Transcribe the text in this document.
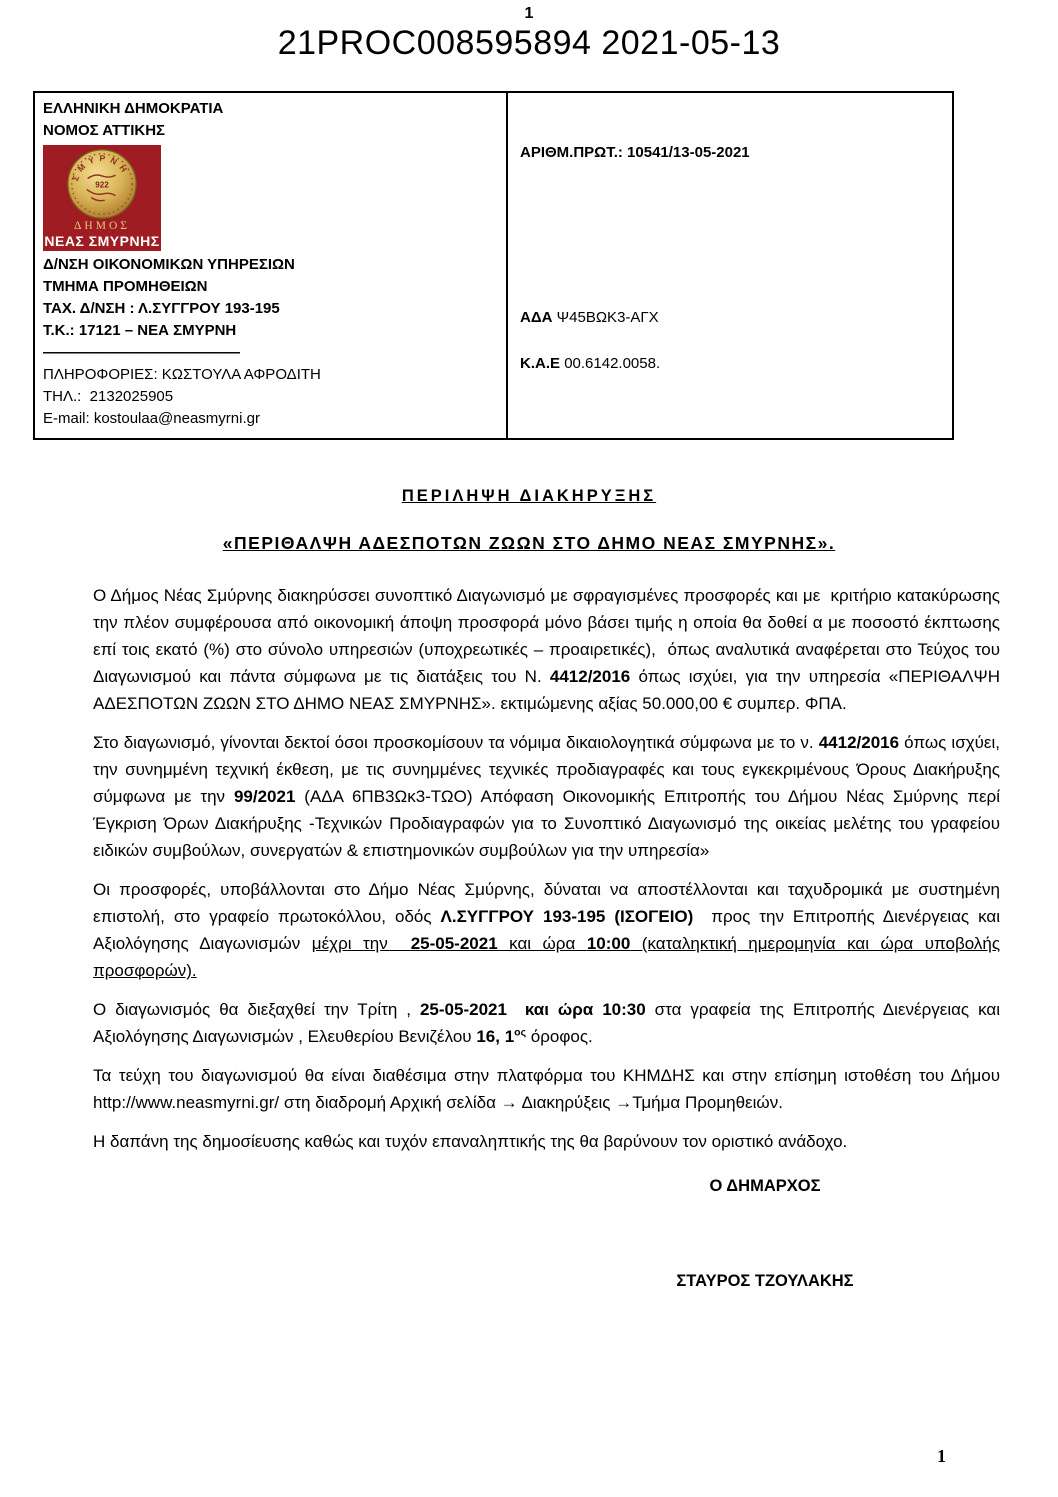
1
21PROC008595894 2021-05-13
ΕΛΛΗΝΙΚΗ ΔΗΜΟΚΡΑΤΙΑ
ΝΟΜΟΣ ΑΤΤΙΚΗΣ
ΣΜΥΡΝΗ
922
ΔΗΜΟΣ
ΝΕΑΣ ΣΜΥΡΝΗΣ
Δ/ΝΣΗ ΟΙΚΟΝΟΜΙΚΩΝ ΥΠΗΡΕΣΙΩΝ
ΤΜΗΜΑ ΠΡΟΜΗΘΕΙΩΝ
ΤΑΧ. Δ/ΝΣΗ : Λ.ΣΥΓΓΡΟΥ 193-195
Τ.Κ.: 17121 – ΝΕΑ ΣΜΥΡΝΗ
——————————————
ΠΛΗΡΟΦΟΡΙΕΣ: ΚΩΣΤΟΥΛΑ ΑΦΡΟΔΙΤΗ
ΤΗΛ.:  2132025905
E-mail: kostoulaa@neasmyrni.gr

ΑΡΙΘΜ.ΠΡΩΤ.: 10541/13-05-2021
ΑΔΑ Ψ45ΒΩΚ3-ΑΓΧ
Κ.Α.Ε 00.6142.0058.
ΠΕΡΙΛΗΨΗ ΔΙΑΚΗΡΥΞΗΣ
«ΠΕΡΙΘΑΛΨΗ ΑΔΕΣΠΟΤΩΝ ΖΩΩΝ ΣΤΟ ΔΗΜΟ ΝΕΑΣ ΣΜΥΡΝΗΣ».

Ο Δήμος Νέας Σμύρνης διακηρύσσει συνοπτικό Διαγωνισμό με σφραγισμένες προσφορές και με  κριτήριο κατακύρωσης την πλέον συμφέρουσα από οικονομική άποψη προσφορά μόνο βάσει τιμής η οποία θα δοθεί α με ποσοστό έκπτωσης επί τοις εκατό (%) στο σύνολο υπηρεσιών (υποχρεωτικές – προαιρετικές),  όπως αναλυτικά αναφέρεται στο Τεύχος του Διαγωνισμού και πάντα σύμφωνα με τις διατάξεις του Ν. 4412/2016 όπως ισχύει, για την υπηρεσία «ΠΕΡΙΘΑΛΨΗ ΑΔΕΣΠΟΤΩΝ ΖΩΩΝ ΣΤΟ ΔΗΜΟ ΝΕΑΣ ΣΜΥΡΝΗΣ». εκτιμώμενης αξίας 50.000,00 € συμπερ. ΦΠΑ.

Στο διαγωνισμό, γίνονται δεκτοί όσοι προσκομίσουν τα νόμιμα δικαιολογητικά σύμφωνα με το ν. 4412/2016 όπως ισχύει, την συνημμένη τεχνική έκθεση, με τις συνημμένες τεχνικές προδιαγραφές και τους εγκεκριμένους Όρους Διακήρυξης σύμφωνα με την 99/2021 (ΑΔΑ 6ΠΒ3Ωκ3-ΤΩΟ) Απόφαση Οικονομικής Επιτροπής του Δήμου Νέας Σμύρνης περί Έγκριση Όρων Διακήρυξης -Τεχνικών Προδιαγραφών για το Συνοπτικό Διαγωνισμό της οικείας μελέτης του γραφείου ειδικών συμβούλων, συνεργατών & επιστημονικών συμβούλων για την υπηρεσία»

Οι προσφορές, υποβάλλονται στο Δήμο Νέας Σμύρνης, δύναται να αποστέλλονται και ταχυδρομικά με συστημένη επιστολή, στο γραφείο πρωτοκόλλου, οδός Λ.ΣΥΓΓΡΟΥ 193-195 (ΙΣΟΓΕΙΟ)  προς την Επιτροπής Διενέργειας και Αξιολόγησης Διαγωνισμών μέχρι την  25-05-2021 και ώρα 10:00 (καταληκτική ημερομηνία και ώρα υποβολής προσφορών).

Ο διαγωνισμός θα διεξαχθεί την Τρίτη , 25-05-2021  και ώρα 10:30 στα γραφεία της Επιτροπής Διενέργειας και Αξιολόγησης Διαγωνισμών , Ελευθερίου Βενιζέλου 16, $1^{o\varsigma}$ όροφος.

Τα τεύχη του διαγωνισμού θα είναι διαθέσιμα στην πλατφόρμα του ΚΗΜΔΗΣ και στην επίσημη ιστοθέση του Δήμου http://www.neasmyrni.gr/ στη διαδρομή Αρχική σελίδα → Διακηρύξεις →Τμήμα Προμηθειών.

Η δαπάνη της δημοσίευσης καθώς και τυχόν επαναληπτικής της θα βαρύνουν τον οριστικό ανάδοχο.

Ο ΔΗΜΑΡΧΟΣ
ΣΤΑΥΡΟΣ ΤΖΟΥΛΑΚΗΣ
1
